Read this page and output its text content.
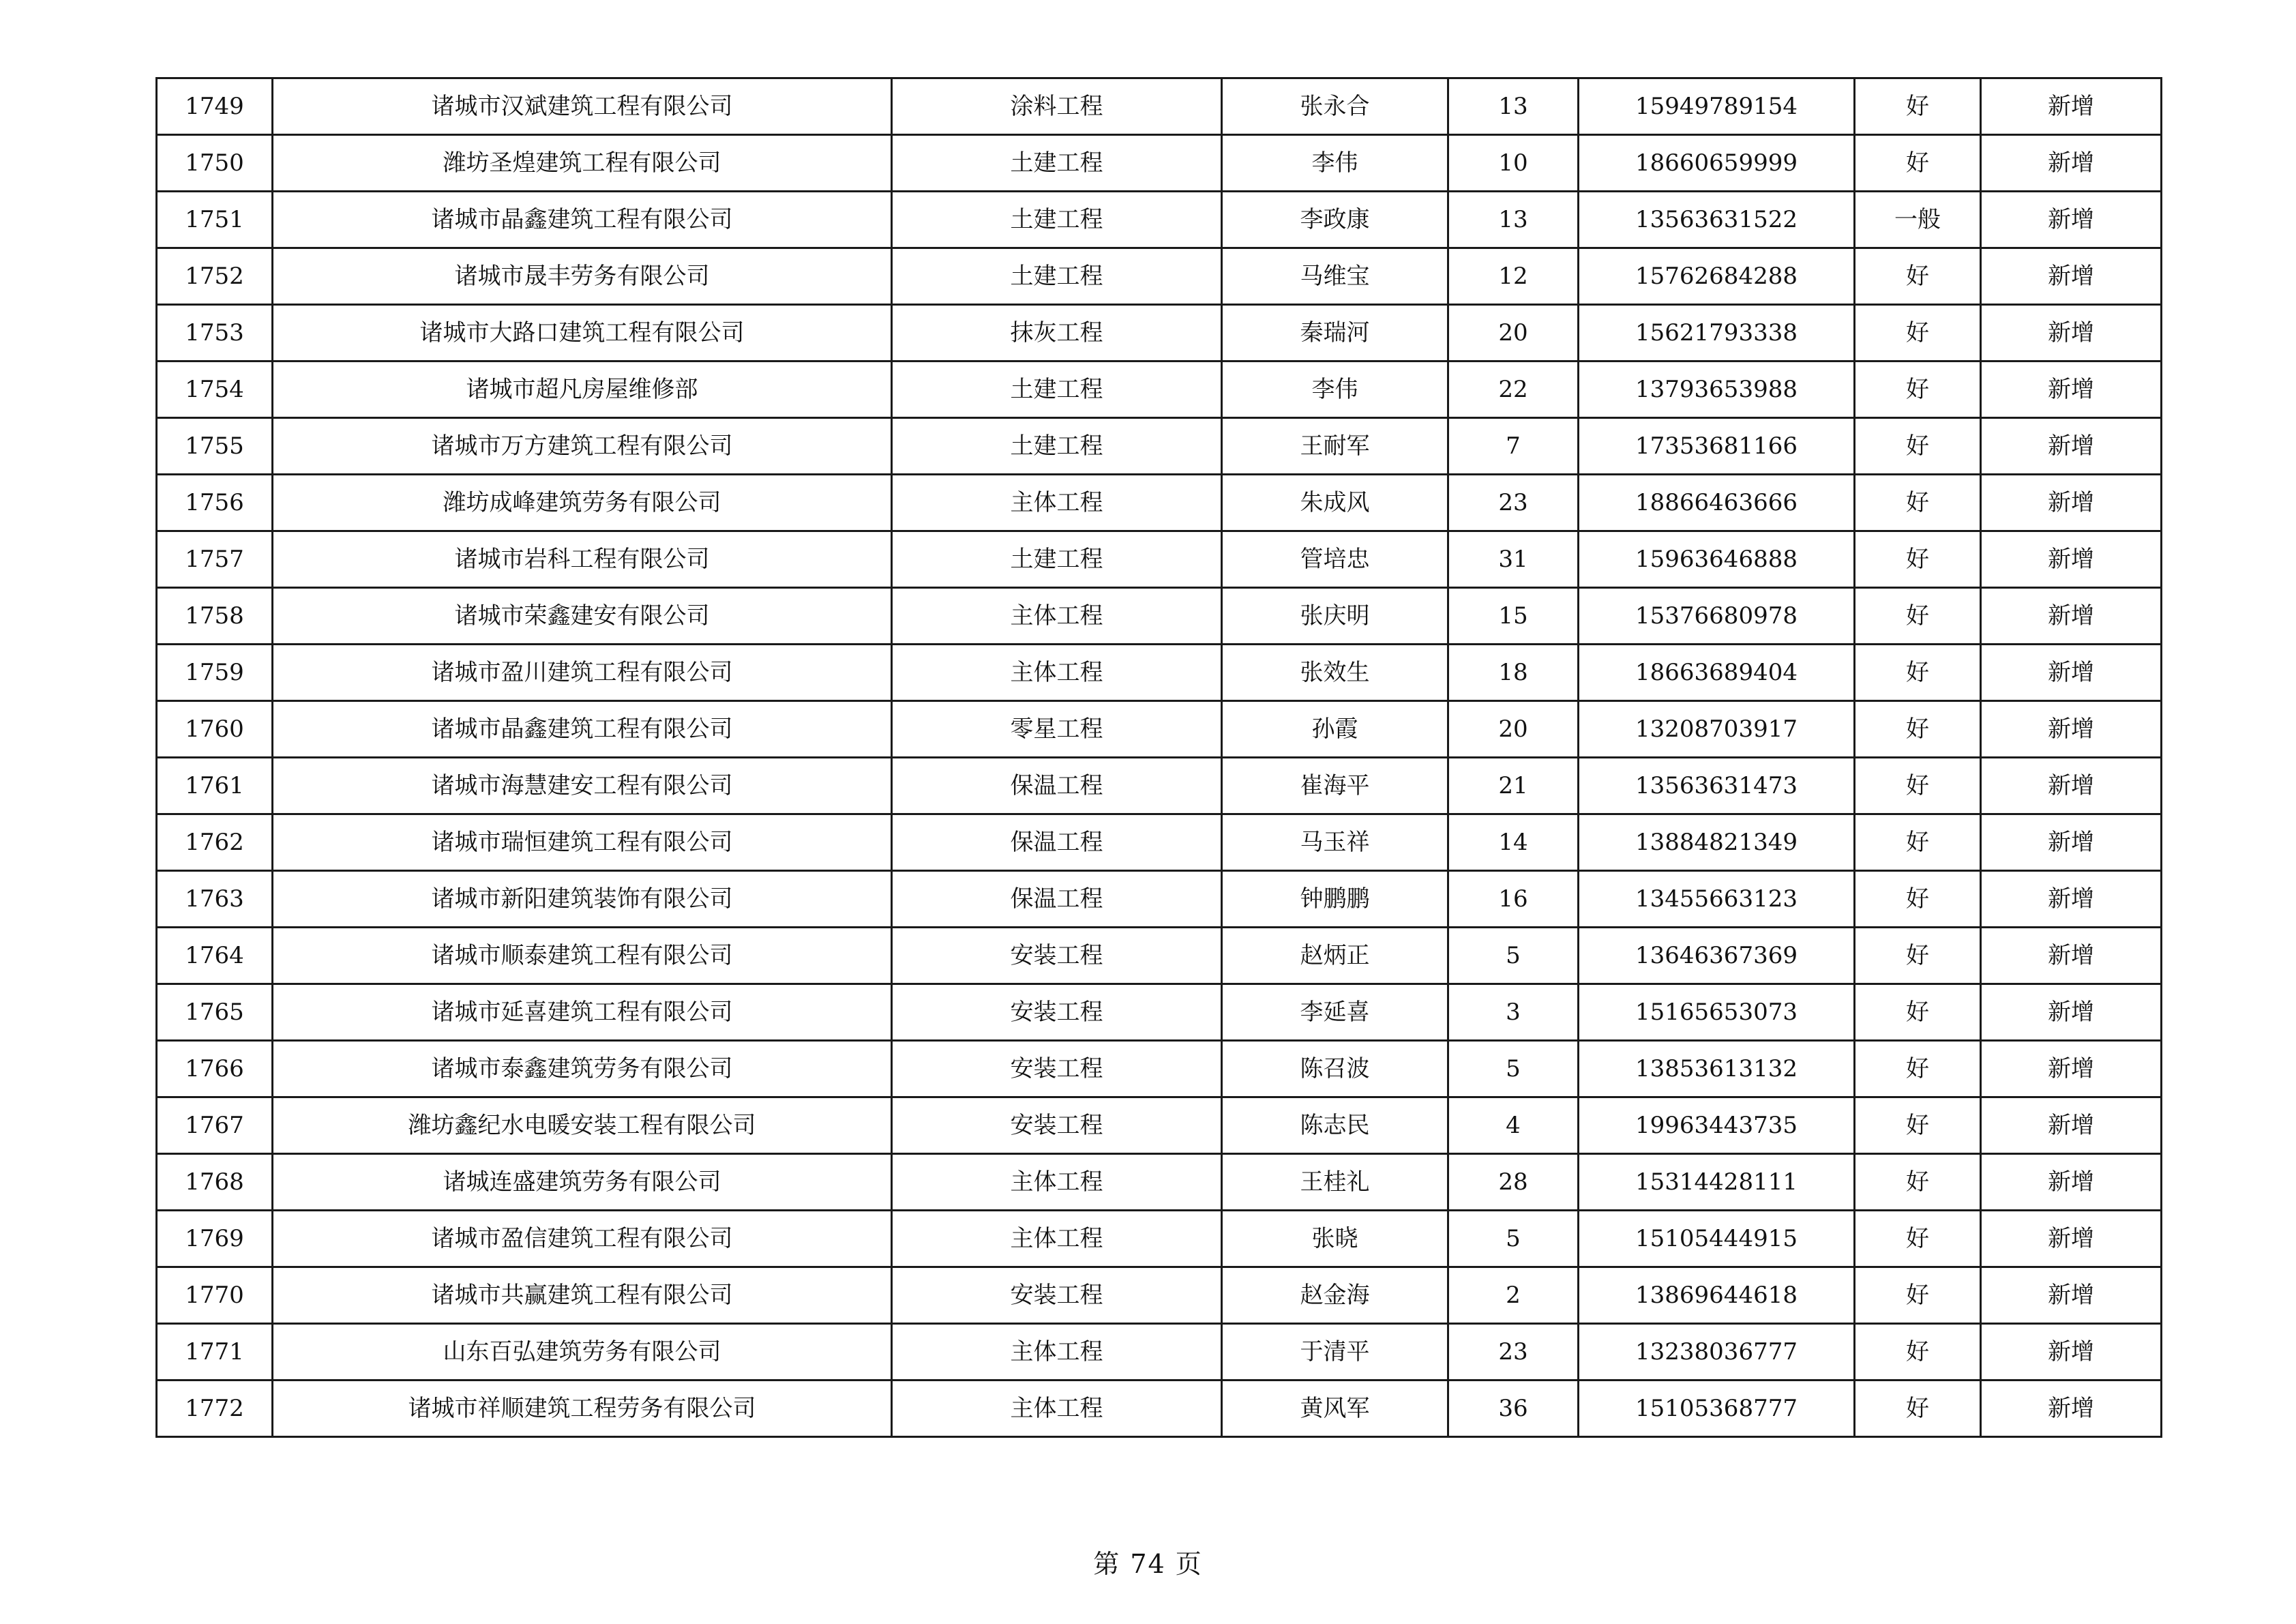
1749	诸城市汉斌建筑工程有限公司	涂料工程	张永合	13	15949789154	好	新增
1750	潍坊圣煌建筑工程有限公司	土建工程	李伟	10	18660659999	好	新增
1751	诸城市晶鑫建筑工程有限公司	土建工程	李政康	13	13563631522	一般	新增
1752	诸城市晟丰劳务有限公司	土建工程	马维宝	12	15762684288	好	新增
1753	诸城市大路口建筑工程有限公司	抹灰工程	秦瑞河	20	15621793338	好	新增
1754	诸城市超凡房屋维修部	土建工程	李伟	22	13793653988	好	新增
1755	诸城市万方建筑工程有限公司	土建工程	王耐军	7	17353681166	好	新增
1756	潍坊成峰建筑劳务有限公司	主体工程	朱成风	23	18866463666	好	新增
1757	诸城市岩科工程有限公司	土建工程	管培忠	31	15963646888	好	新增
1758	诸城市荣鑫建安有限公司	主体工程	张庆明	15	15376680978	好	新增
1759	诸城市盈川建筑工程有限公司	主体工程	张效生	18	18663689404	好	新增
1760	诸城市晶鑫建筑工程有限公司	零星工程	孙霞	20	13208703917	好	新增
1761	诸城市海慧建安工程有限公司	保温工程	崔海平	21	13563631473	好	新增
1762	诸城市瑞恒建筑工程有限公司	保温工程	马玉祥	14	13884821349	好	新增
1763	诸城市新阳建筑装饰有限公司	保温工程	钟鹏鹏	16	13455663123	好	新增
1764	诸城市顺泰建筑工程有限公司	安装工程	赵炳正	5	13646367369	好	新增
1765	诸城市延喜建筑工程有限公司	安装工程	李延喜	3	15165653073	好	新增
1766	诸城市泰鑫建筑劳务有限公司	安装工程	陈召波	5	13853613132	好	新增
1767	潍坊鑫纪水电暖安装工程有限公司	安装工程	陈志民	4	19963443735	好	新增
1768	诸城连盛建筑劳务有限公司	主体工程	王桂礼	28	15314428111	好	新增
1769	诸城市盈信建筑工程有限公司	主体工程	张晓	5	15105444915	好	新增
1770	诸城市共赢建筑工程有限公司	安装工程	赵金海	2	13869644618	好	新增
1771	山东百弘建筑劳务有限公司	主体工程	于清平	23	13238036777	好	新增
1772	诸城市祥顺建筑工程劳务有限公司	主体工程	黄风军	36	15105368777	好	新增
第 74 页
